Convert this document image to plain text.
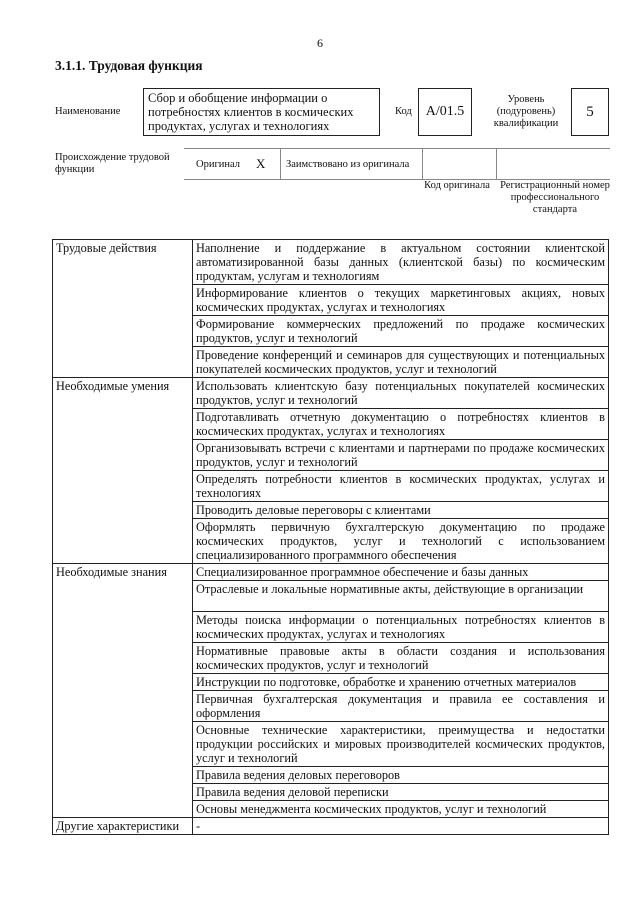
6
3.1.1. Трудовая функция
Наименование
Сбор и обобщение информации о потребностях клиентов в космических продуктах, услугах и технологиях
Код A/01.5
Уровень (подуровень) квалификации
5
Происхождение трудовой функции	Оригинал X Заимствовано из оригинала
Код оригинала Регистрационный номер профессионального стандарта
Трудовые действия	Наполнение и поддержание в актуальном состоянии клиентской автоматизированной базы данных (клиентской базы) по космическим продуктам, услугам и технологиям
	Информирование клиентов о текущих маркетинговых акциях, новых космических продуктах, услугах и технологиях
	Формирование коммерческих предложений по продаже космических продуктов, услуг и технологий
	Проведение конференций и семинаров для существующих и потенциальных покупателей космических продуктов, услуг и технологий
Необходимые умения	Использовать клиентскую базу потенциальных покупателей космических продуктов, услуг и технологий
	Подготавливать отчетную документацию о потребностях клиентов в космических продуктах, услугах и технологиях
	Организовывать встречи с клиентами и партнерами по продаже космических продуктов, услуг и технологий
	Определять потребности клиентов в космических продуктах, услугах и технологиях
	Проводить деловые переговоры с клиентами
	Оформлять первичную бухгалтерскую документацию по продаже космических продуктов, услуг и технологий с использованием специализированного программного обеспечения
Необходимые знания	Специализированное программное обеспечение и базы данных
	Отраслевые и локальные нормативные акты, действующие в организации
	Методы поиска информации о потенциальных потребностях клиентов в космических продуктах, услугах и технологиях
	Нормативные правовые акты в области создания и использования космических продуктов, услуг и технологий
	Инструкции по подготовке, обработке и хранению отчетных материалов
	Первичная бухгалтерская документация и правила ее составления и оформления
	Основные технические характеристики, преимущества и недостатки продукции российских и мировых производителей космических продуктов, услуг и технологий
	Правила ведения деловых переговоров
	Правила ведения деловой переписки
	Основы менеджмента космических продуктов, услуг и технологий
Другие характеристики	-
